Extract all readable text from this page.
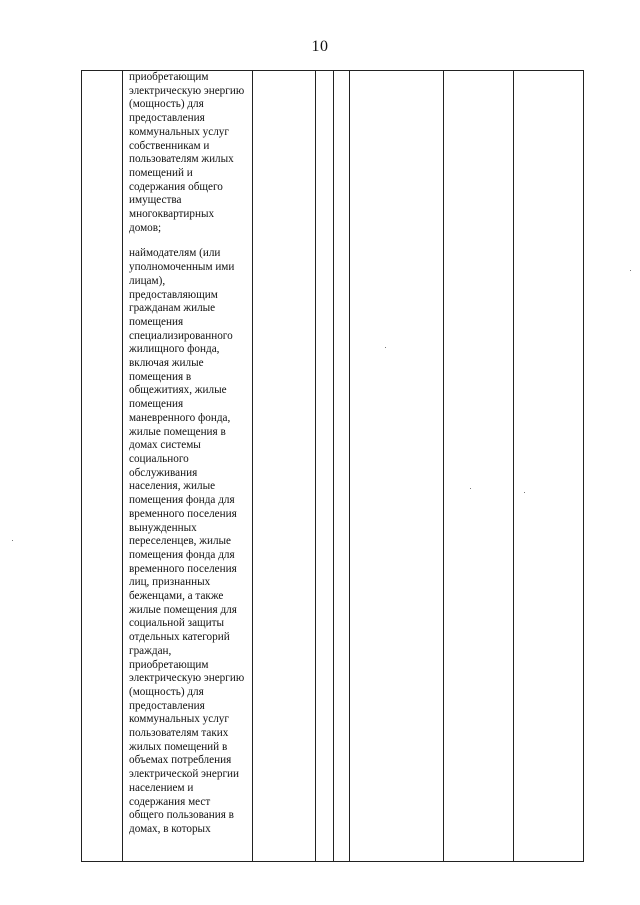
10
приобретающим
электрическую энергию
(мощность) для
предоставления
коммунальных услуг
собственникам и
пользователям жилых
помещений и
содержания общего
имущества
многоквартирных
домов;
наймодателям (или
уполномоченным ими
лицам),
предоставляющим
гражданам жилые
помещения
специализированного
жилищного фонда,
включая жилые
помещения в
общежитиях, жилые
помещения
маневренного фонда,
жилые помещения в
домах системы
социального
обслуживания
населения, жилые
помещения фонда для
временного поселения
вынужденных
переселенцев, жилые
помещения фонда для
временного поселения
лиц, признанных
беженцами, а также
жилые помещения для
социальной защиты
отдельных категорий
граждан,
приобретающим
электрическую энергию
(мощность) для
предоставления
коммунальных услуг
пользователям таких
жилых помещений в
объемах потребления
электрической энергии
населением и
содержания мест
общего пользования в
домах, в которых
